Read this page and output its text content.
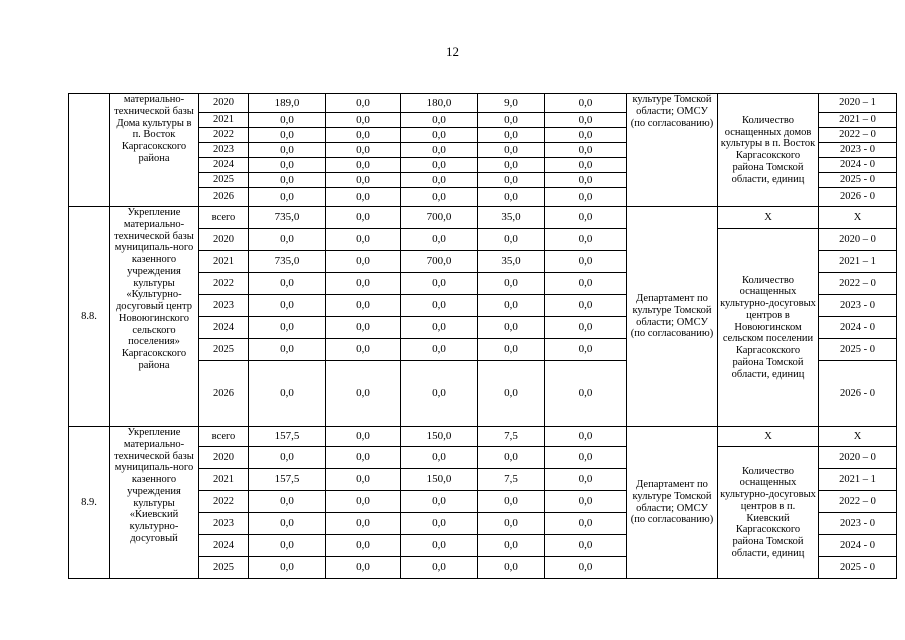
12
	материально-технической базы Дома культуры в п. Восток Каргасокского района	2020	189,0	0,0	180,0	9,0	0,0	культуре Томской области; ОМСУ (по согласованию)	Количество оснащенных домов культуры в п. Восток Каргасокского района Томской области, единиц	2020 – 1
		2021	0,0	0,0	0,0	0,0	0,0			2021 – 0
		2022	0,0	0,0	0,0	0,0	0,0			2022 – 0
		2023	0,0	0,0	0,0	0,0	0,0			2023 - 0
		2024	0,0	0,0	0,0	0,0	0,0			2024 - 0
		2025	0,0	0,0	0,0	0,0	0,0			2025 - 0
		2026	0,0	0,0	0,0	0,0	0,0			2026 - 0
8.8.	Укрепление материально-технической базы муниципаль-ного казенного учреждения культуры «Культурно-досуговый центр Новоюгинского сельского поселения» Каргасокского района	всего	735,0	0,0	700,0	35,0	0,0	Департамент по культуре Томской области; ОМСУ (по согласованию)	Х	Х
		2020	0,0	0,0	0,0	0,0	0,0		Количество оснащенных культурно-досуговых центров в Новоюгинском сельском поселении Каргасокского района Томской области, единиц	2020 – 0
		2021	735,0	0,0	700,0	35,0	0,0			2021 – 1
		2022	0,0	0,0	0,0	0,0	0,0			2022 – 0
		2023	0,0	0,0	0,0	0,0	0,0			2023 - 0
		2024	0,0	0,0	0,0	0,0	0,0			2024 - 0
		2025	0,0	0,0	0,0	0,0	0,0			2025 - 0
		2026	0,0	0,0	0,0	0,0	0,0			2026 - 0
8.9.	Укрепление материально-технической базы муниципаль-ного казенного учреждения культуры «Киевский культурно-досуговый	всего	157,5	0,0	150,0	7,5	0,0	Департамент по культуре Томской области; ОМСУ (по согласованию)	Х	Х
		2020	0,0	0,0	0,0	0,0	0,0		Количество оснащенных культурно-досуговых центров в п. Киевский Каргасокского района Томской области, единиц	2020 – 0
		2021	157,5	0,0	150,0	7,5	0,0			2021 – 1
		2022	0,0	0,0	0,0	0,0	0,0			2022 – 0
		2023	0,0	0,0	0,0	0,0	0,0			2023 - 0
		2024	0,0	0,0	0,0	0,0	0,0			2024 - 0
		2025	0,0	0,0	0,0	0,0	0,0			2025 - 0
